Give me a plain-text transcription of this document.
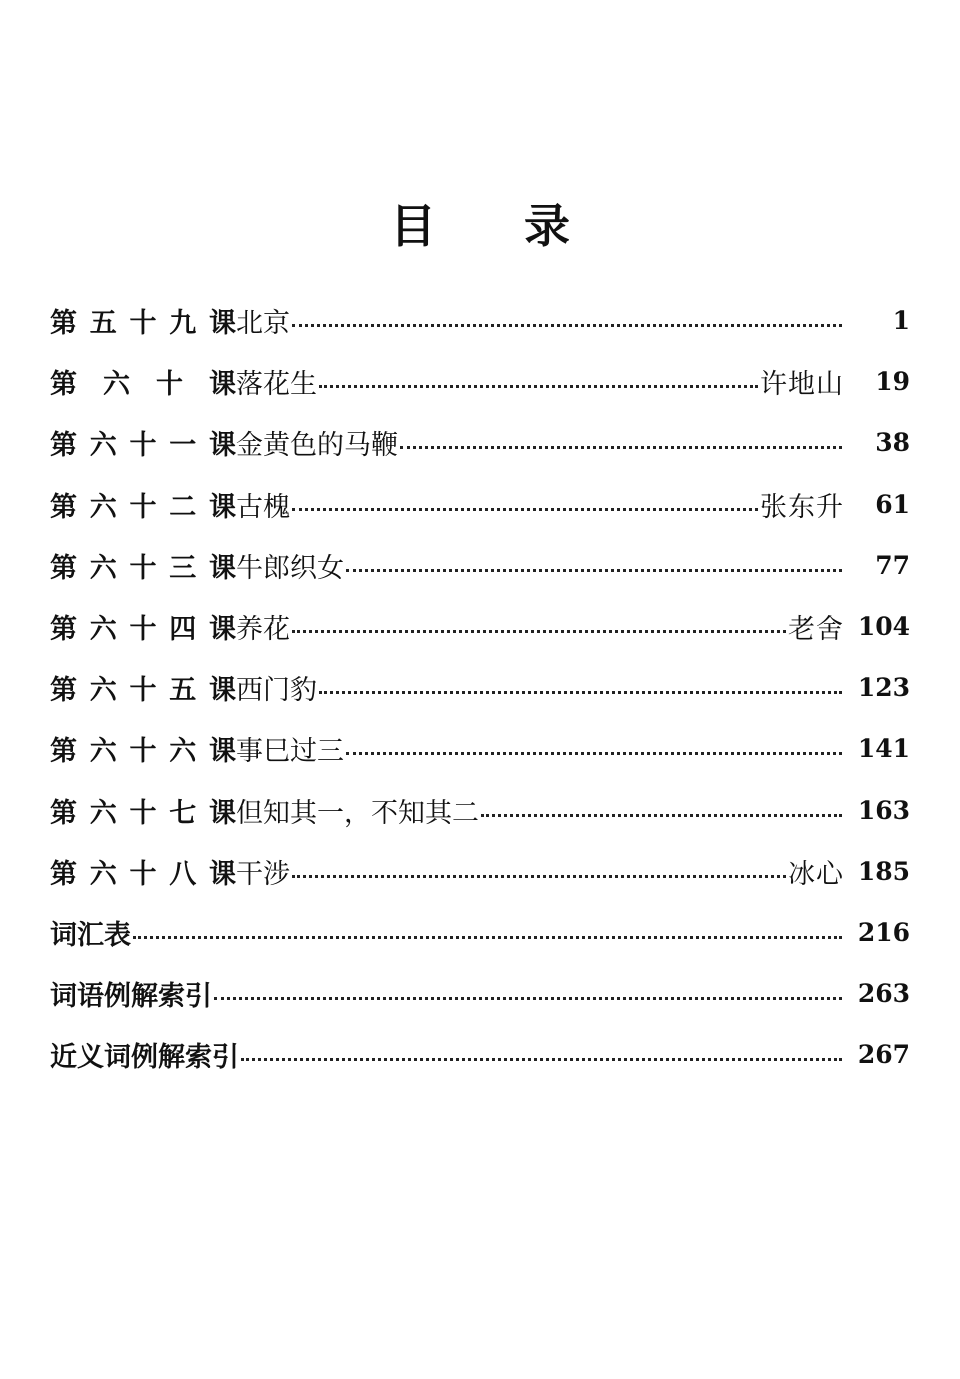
目 录
第五十九课 北京	1
第 六 十 课 落花生	许地山	19
第六十一课 金黄色的马鞭	38
第六十二课 古槐	张东升	61
第六十三课 牛郎织女	77
第六十四课 养花	老舍 104
第六十五课 西门豹	123
第六十六课 事巳过三	141
第六十七课 但知其一，不知其二	163
第六十八课 干涉	冰心 185
词汇表	216
词语例解索引	263
近义词例解索引	267
